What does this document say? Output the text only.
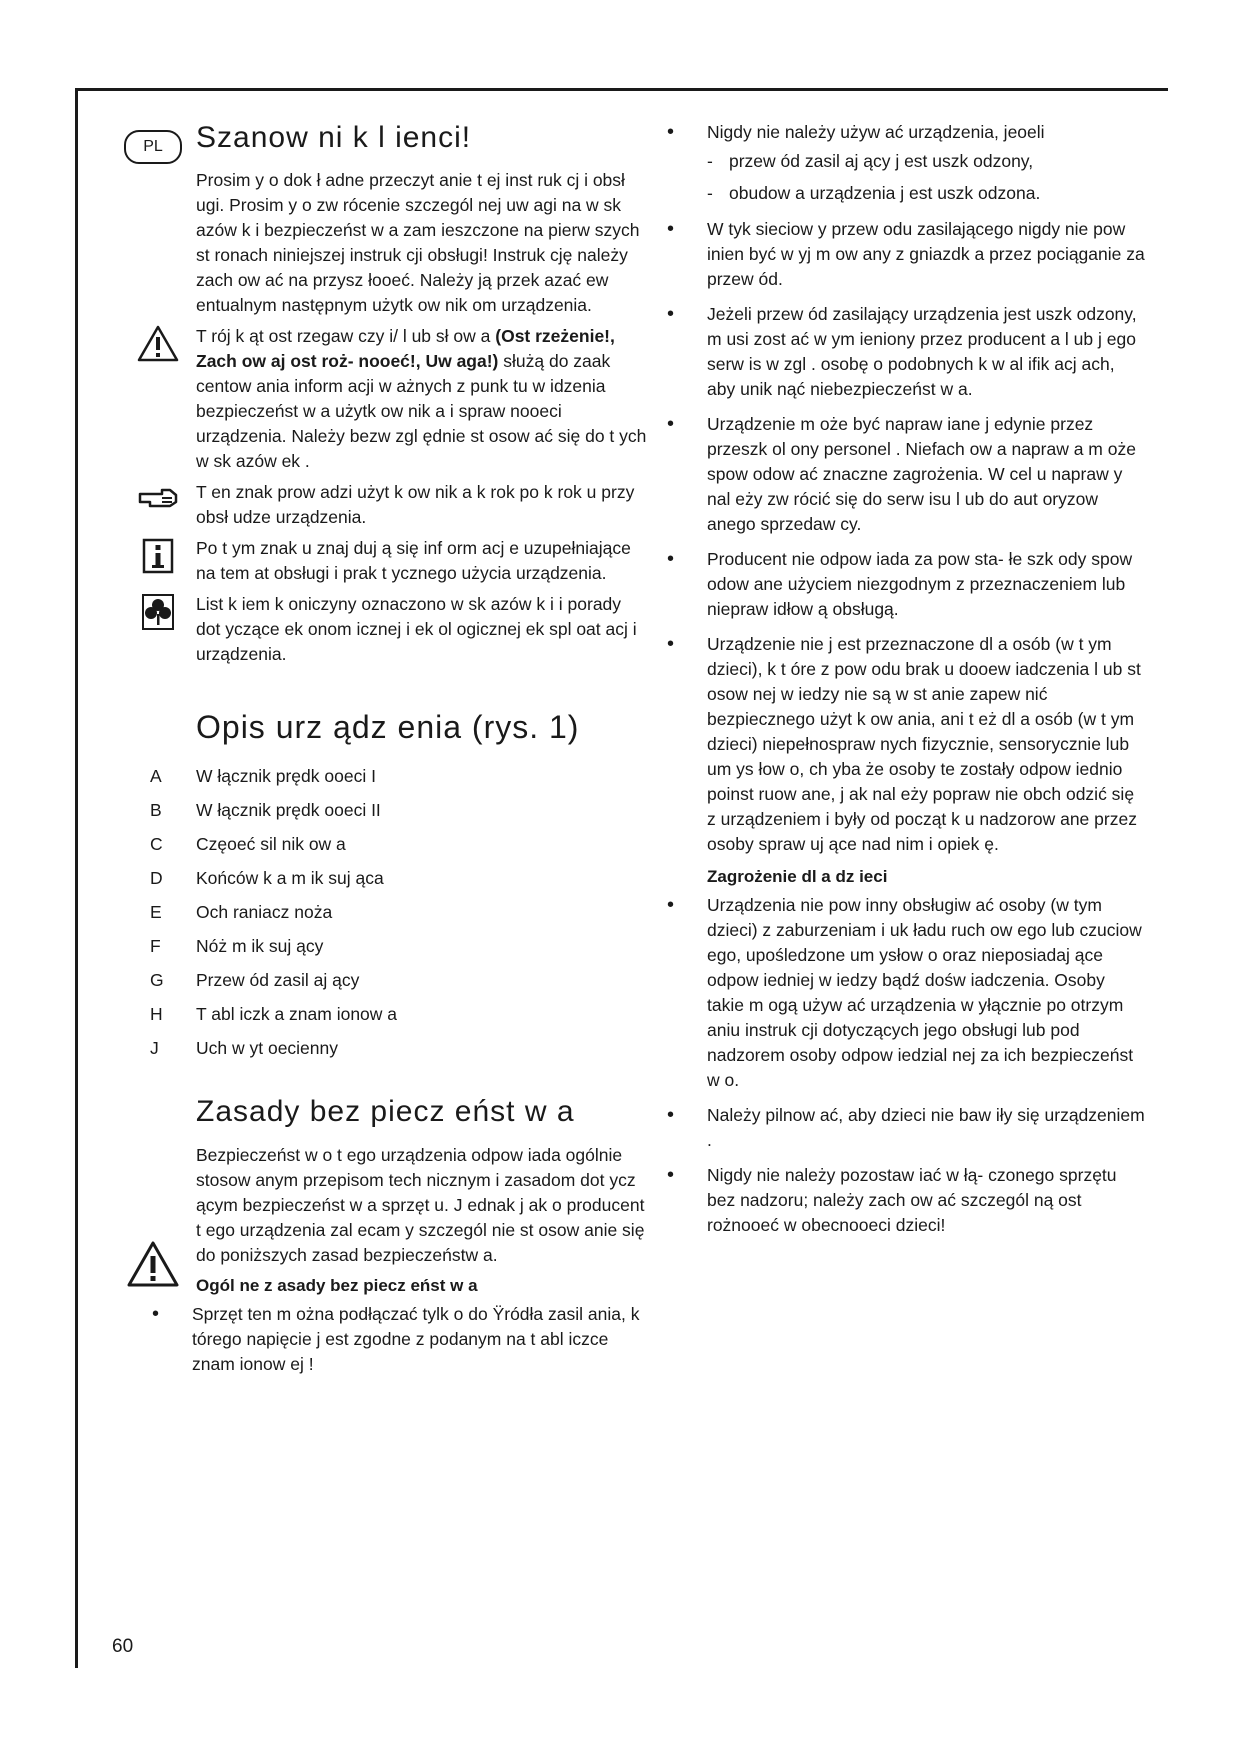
PL	Szanow ni k l ienci!

Prosim y o dok ł adne przeczyt anie t ej inst ruk cj i obsł ugi. Prosim y o zw rócenie szczegól nej uw agi na w sk azów k i bezpieczeńst w a zam ieszczone na pierw szych st ronach niniejszej instruk cji obsługi! Instruk cję należy zach ow ać na przysz łooeć. Należy ją przek azać ew entualnym następnym użytk ow nik om urządzenia.

T rój k ąt ost rzegaw czy i/ l ub sł ow a (Ost rzeżenie!, Zach ow aj ost roż- nooeć!, Uw aga!) służą do zaak centow ania inform acji w ażnych z punk tu w idzenia bezpieczeńst w a użytk ow nik a i spraw nooeci urządzenia. Należy bezw zgl ędnie st osow ać się do t ych w sk azów ek .

T en znak prow adzi użyt k ow nik a k rok po k rok u przy obsł udze urządzenia.

Po t ym znak u znaj duj ą się inf orm acj e uzupełniające na tem at obsługi i prak t ycznego użycia urządzenia.

List k iem k oniczyny oznaczono w sk azów k i i porady dot yczące ek onom icznej i ek ol ogicznej ek spl oat acj i urządzenia.

Opis urz ądz enia (rys. 1)
A	W łącznik prędk ooeci I
B	W łącznik prędk ooeci II
C	Częoeć sil nik ow a
D	Końców k a m ik suj ąca
E	Och raniacz noża
F	Nóż m ik suj ący
G	Przew ód zasil aj ący
H	T abl iczk a znam ionow a
J	Uch w yt oecienny
Zasady bez piecz eńst w a

Bezpieczeńst w o t ego urządzenia odpow iada ogólnie stosow anym przepisom tech nicznym i zasadom dot ycz ącym bezpieczeńst w a sprzęt u. J ednak j ak o producent t ego urządzenia zal ecam y szczegól nie st osow anie się do poniższych zasad bezpieczeństw a.

Ogól ne z asady bez piecz eńst w a
• Sprzęt ten m ożna podłączać tylk o do Ÿródła zasil ania, k tórego napięcie j est zgodne z podanym na t abl iczce znam ionow ej !
• Nigdy nie należy używ ać urządzenia, jeoeli
- przew ód zasil aj ący j est uszk odzony,
- obudow a urządzenia j est uszk odzona.
• W tyk sieciow y przew odu zasilającego nigdy nie pow inien być w yj m ow any z gniazdk a przez pociąganie za przew ód.
• Jeżeli przew ód zasilający urządzenia jest uszk odzony, m usi zost ać w ym ieniony przez producent a l ub j ego serw is w zgl . osobę o podobnych k w al ifik acj ach, aby unik nąć niebezpieczeńst w a.
• Urządzenie m oże być napraw iane j edynie przez przeszk ol ony personel . Niefach ow a napraw a m oże spow odow ać znaczne zagrożenia. W cel u napraw y nal eży zw rócić się do serw isu l ub do aut oryzow anego sprzedaw cy.
• Producent nie odpow iada za pow sta- łe szk ody spow odow ane użyciem niezgodnym z przeznaczeniem lub niepraw idłow ą obsługą.
• Urządzenie nie j est przeznaczone dl a osób (w t ym dzieci), k t óre z pow odu brak u dooew iadczenia l ub st osow nej w iedzy nie są w st anie zapew nić bezpiecznego użyt k ow ania, ani t eż dl a osób (w t ym dzieci) niepełnospraw nych fizycznie, sensorycznie lub um ys łow o, ch yba że osoby te zostały odpow iednio poinst ruow ane, j ak nal eży popraw nie obch odzić się z urządzeniem i były od począt k u nadzorow ane przez osoby spraw uj ące nad nim i opiek ę.
Zagrożenie dl a dz ieci
• Urządzenia nie pow inny obsługiw ać osoby (w tym dzieci) z zaburzeniam i uk ładu ruch ow ego lub czuciow ego, upośledzone um ysłow o oraz nieposiadaj ące odpow iedniej w iedzy bądź dośw iadczenia. Osoby takie m ogą używ ać urządzenia w yłącznie po otrzym aniu instruk cji dotyczących jego obsługi lub pod nadzorem osoby odpow iedzial nej za ich bezpieczeńst w o.
• Należy pilnow ać, aby dzieci nie baw iły się urządzeniem .
• Nigdy nie należy pozostaw iać w łą- czonego sprzętu bez nadzoru; należy zach ow ać szczegól ną ost rożnooeć w obecnooeci dzieci!
60
